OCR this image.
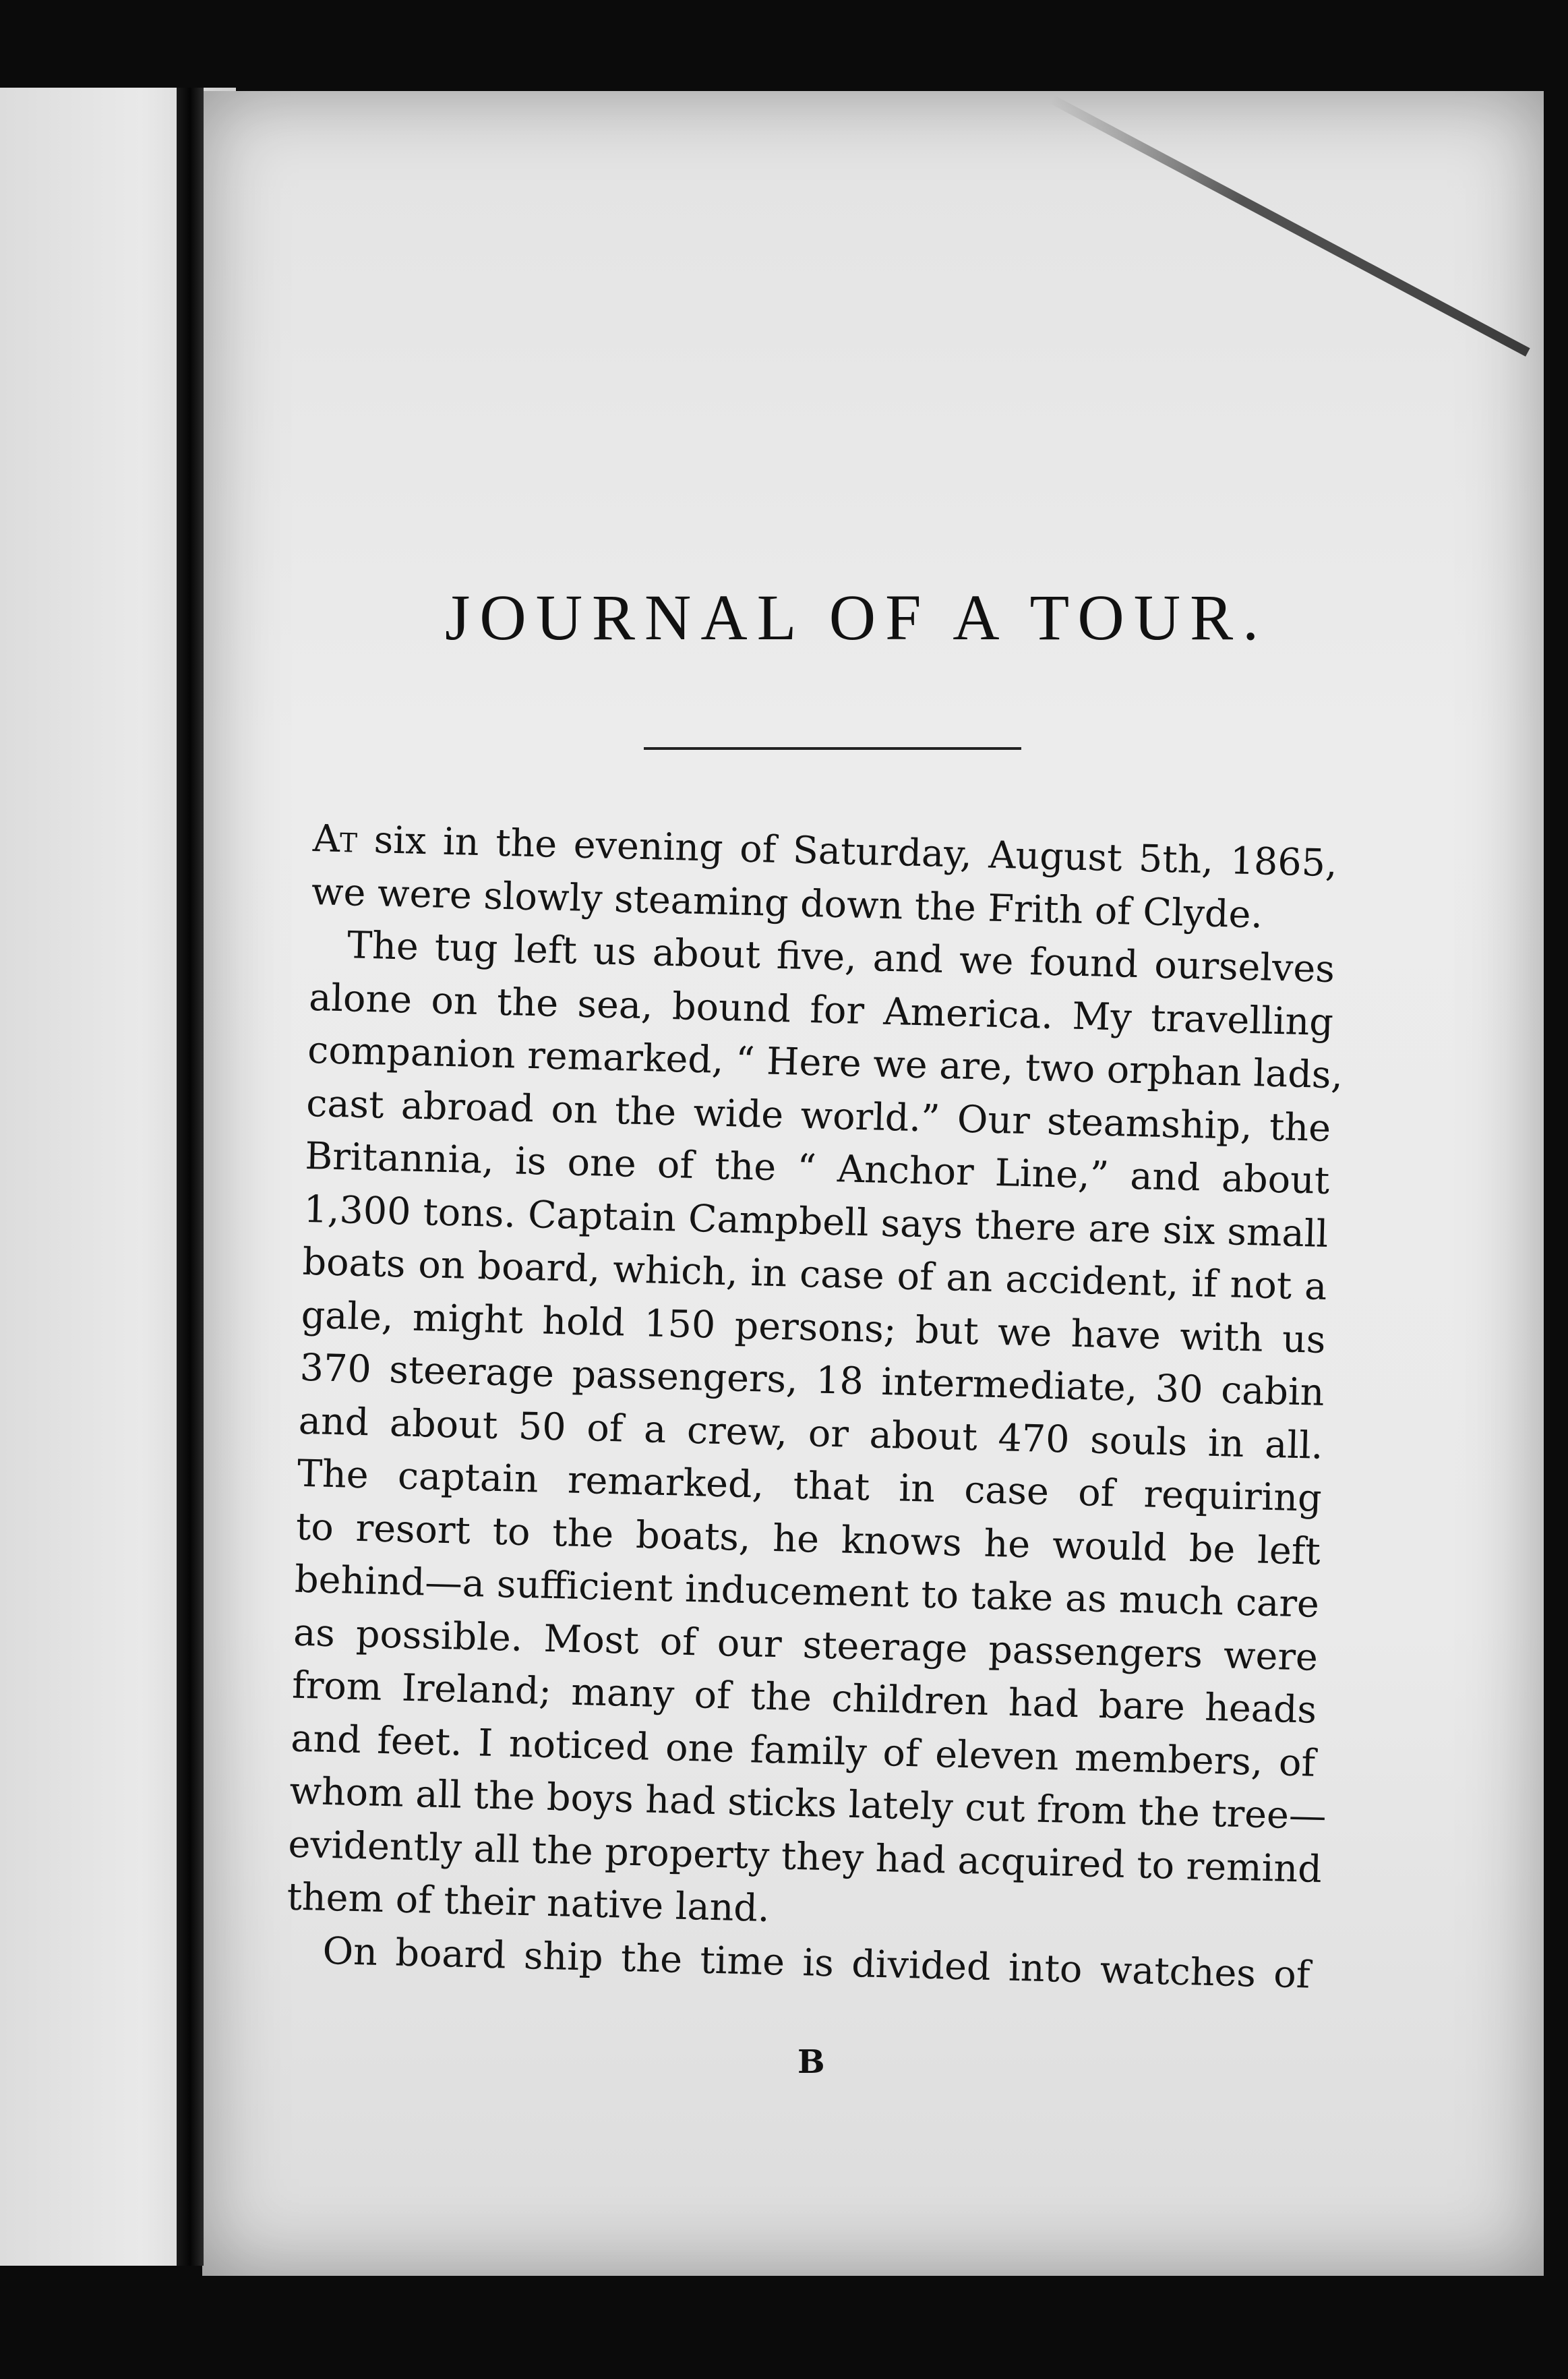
JOURNAL OF A TOUR.

At six in the evening of Saturday, August 5th, 1865,
we were slowly steaming down the Frith of Clyde.

The tug left us about five, and we found ourselves
alone on the sea, bound for America. My travelling
companion remarked, “ Here we are, two orphan lads,
cast abroad on the wide world.” Our steamship, the
Britannia, is one of the “ Anchor Line,” and about
1,300 tons. Captain Campbell says there are six small
boats on board, which, in case of an accident, if not a
gale, might hold 150 persons; but we have with us
370 steerage passengers, 18 intermediate, 30 cabin
and about 50 of a crew, or about 470 souls in all.
The captain remarked, that in case of requiring
to resort to the boats, he knows he would be left
behind—a sufficient inducement to take as much care
as possible. Most of our steerage passengers were
from Ireland; many of the children had bare heads
and feet. I noticed one family of eleven members, of
whom all the boys had sticks lately cut from the tree—
evidently all the property they had acquired to remind
them of their native land.

On board ship the time is divided into watches of

B
